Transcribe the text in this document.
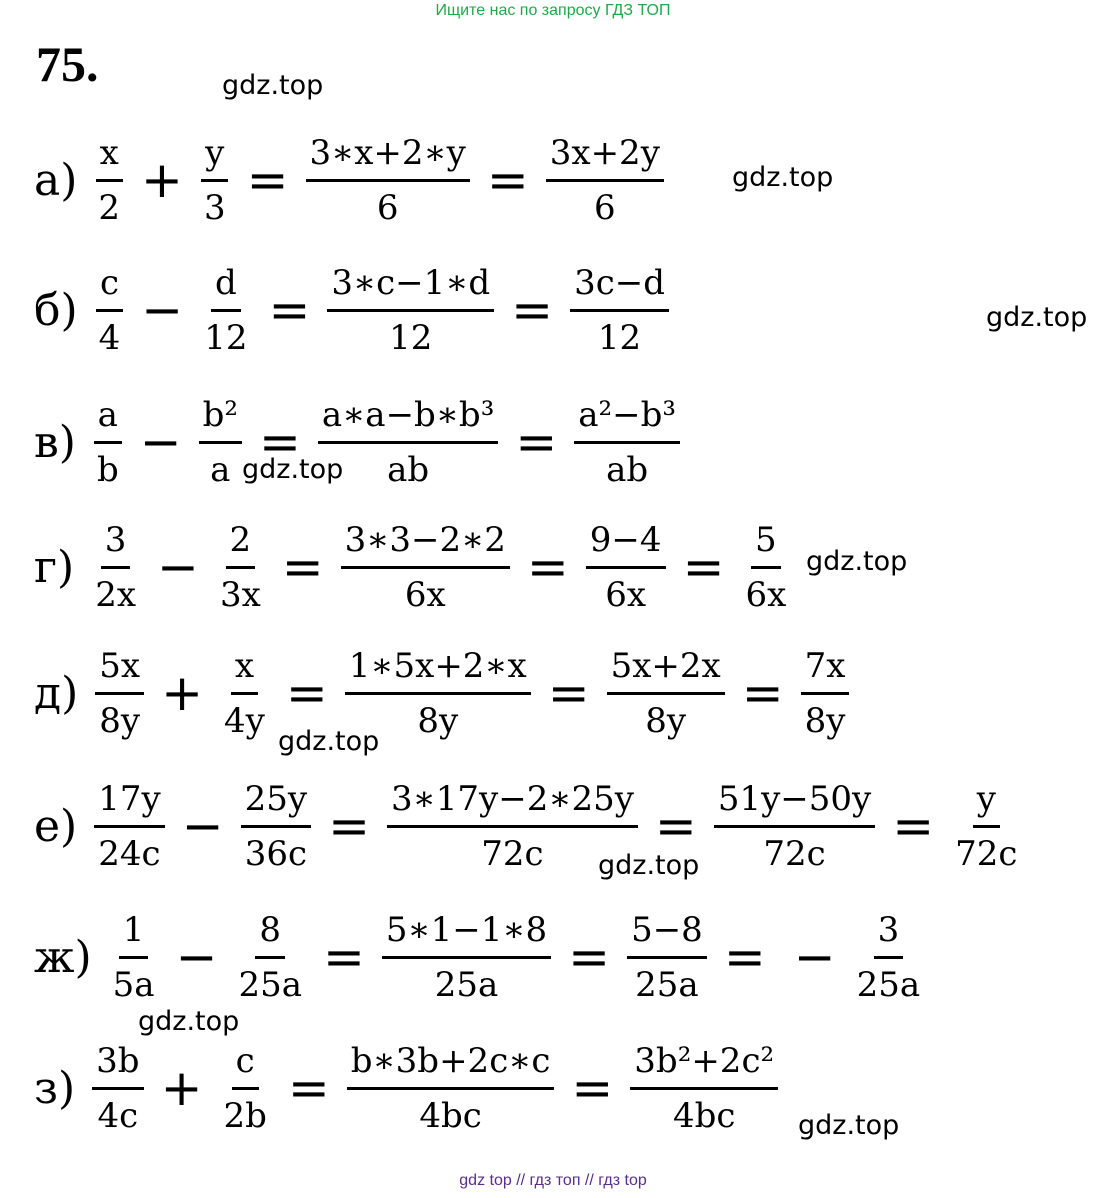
Ищите нас по запросу ГДЗ ТОП
75.	gdz.top
gdz.top
gdz.top
gdz.top
gdz.top
gdz.top
gdz.top
gdz.top
gdz.top
$а) \frac{x}{2} + \frac{y}{3} = \frac{3∗x+2∗y}{6} = \frac{3x+2y}{6}$
$б) \frac{c}{4} - \frac{d}{12} = \frac{3∗c-1∗d}{12} = \frac{3c-d}{12}$
$в) \frac{a}{b} - \frac{\text{b²}}{a} = \frac{\text{a∗a−b∗b³}}{ab} = \frac{\text{a²−b³}}{ab}$
$г) \frac{3}{2x} - \frac{2}{3x} = \frac{3∗3-2∗2}{6x} = \frac{9-4}{6x} = \frac{5}{6x}$
$д) \frac{5x}{8y} + \frac{x}{4y} = \frac{1∗5x+2∗x}{8y} = \frac{5x+2x}{8y} = \frac{7x}{8y}$
$е) \frac{17y}{24c} - \frac{25y}{36c} = \frac{3∗17y-2∗25y}{72c} = \frac{51y-50y}{72c} = \frac{y}{72c}$
$ж) \frac{1}{5a} - \frac{8}{25a} = \frac{5∗1-1∗8}{25a} = \frac{5-8}{25a}$ = − $\frac{3}{25a}$
$з) \frac{3b}{4c} + \frac{c}{2b} = \frac{b∗3b+2c∗c}{4bc} = \frac{\text{3b²+2c²}}{4bc}$
gdz top // гдз топ // гдз top
